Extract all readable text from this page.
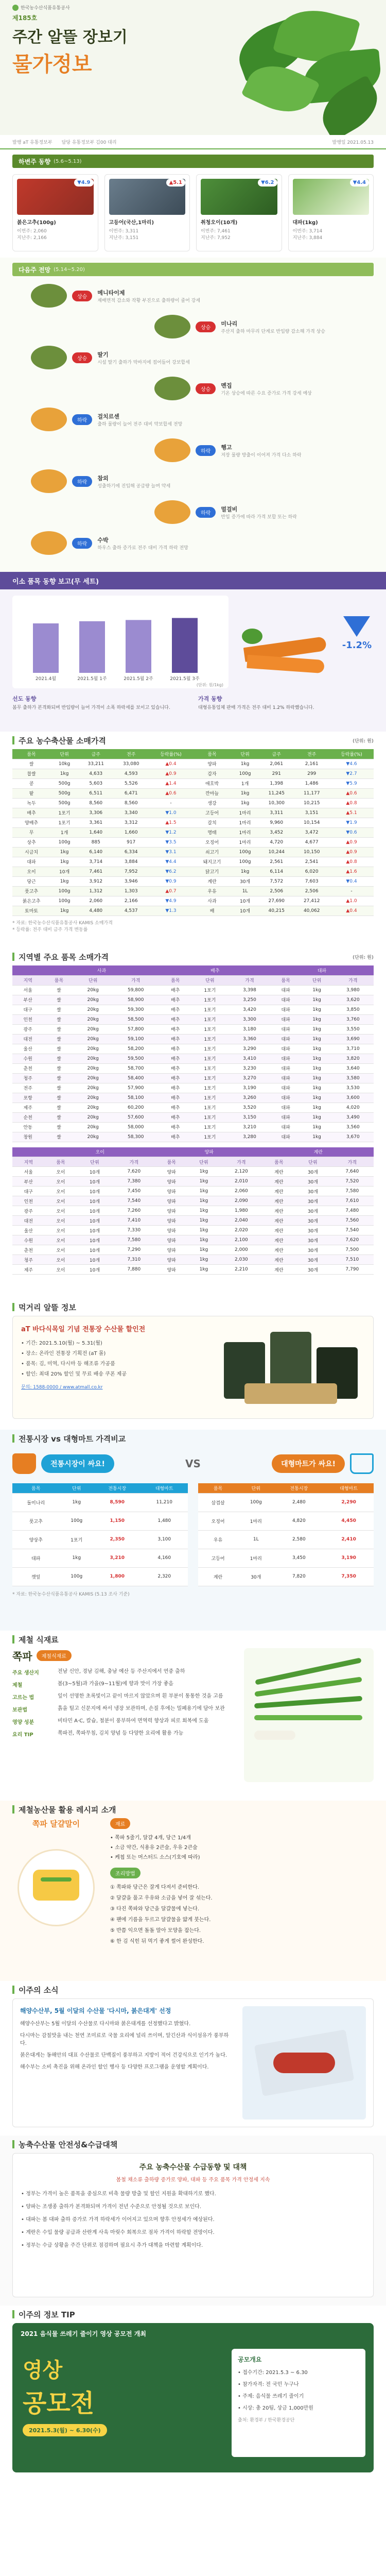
제185호
주간 알뜰 장보기
물가정보
한국농수산식품유통공사
발행 aT 유통정보부 담당 유통정보부 김00 대리	발행일 2021.05.13
하변주 동향 (5.6~5.13)
붉은고추(100g)
이번주: 2,060
지난주: 2,166
▼4.9
고등어(국산,1마리)
이번주: 3,311
지난주: 3,151
▲5.1
취청오이(10개)
이번주: 7,461
지난주: 7,952
▼6.2
대파(1kg)
이번주: 3,714
지난주: 3,884
▼4.4
다음주 전망 (5.14~5.20)
상승
메니타이제
재배면적 감소와 작황 부진으로 출하량이 줄어 강세
상승
미나리
주산지 출하 마무리 단계로 반입량 감소해 가격 상승
상승
딸기
시설 딸기 출하가 막바지에 접어들어 강보합세
상승
멘집
기온 상승에 따른 수요 증가로 가격 강세 예상
하락
걸치르센
출하 물량이 늘어 전주 대비 약보합세 전망
하락
행고
저장 물량 방출이 이어져 가격 다소 하락
하락
참외
성출하기에 진입해 공급량 늘며 약세
하락
멀걸비
반입 증가에 따라 가격 보합 또는 하락
하락
수박
하우스 출하 증가로 전주 대비 가격 하락 전망
이소 품목 동향 보고(무 세트)
2021.4월	2021.5월 1주	2021.5월 2주	2021.5월 3주
(단위: 원/1kg)
-1.2%
선도 동향
봄무 출하가 본격화되며 반입량이 늘어 가격이 소폭 하락세를 보이고 있습니다.
가격 동향
대형유통업체 판매 가격은 전주 대비 1.2% 하락했습니다.
주요 농수축산물 소매가격	(단위: 원)
품목	단위	금주	전주	등락률(%)	품목	단위	금주	전주	등락률(%)
쌀	10kg	33,211	33,080	▲0.4	양파	1kg	2,061	2,161	▼4.6
찹쌀	1kg	4,633	4,593	▲0.9	감자	100g	291	299	▼2.7
콩	500g	5,603	5,526	▲1.4	애호박	1개	1,398	1,486	▼5.9
팥	500g	6,511	6,471	▲0.6	깐마늘	1kg	11,245	11,177	▲0.6
녹두	500g	8,560	8,560	-	생강	1kg	10,300	10,215	▲0.8
배추	1포기	3,306	3,340	▼1.0	고등어	1마리	3,311	3,151	▲5.1
양배추	1포기	3,361	3,312	▲1.5	갈치	1마리	9,960	10,154	▼1.9
무	1개	1,640	1,660	▼1.2	명태	1마리	3,452	3,472	▼0.6
상추	100g	885	917	▼3.5	오징어	1마리	4,720	4,677	▲0.9
시금치	1kg	6,140	6,334	▼3.1	쇠고기	100g	10,244	10,150	▲0.9
대파	1kg	3,714	3,884	▼4.4	돼지고기	100g	2,561	2,541	▲0.8
오이	10개	7,461	7,952	▼6.2	닭고기	1kg	6,114	6,020	▲1.6
당근	1kg	3,912	3,946	▼0.9	계란	30개	7,572	7,603	▼0.4
풋고추	100g	1,312	1,303	▲0.7	우유	1L	2,506	2,506	-
붉은고추	100g	2,060	2,166	▼4.9	사과	10개	27,690	27,412	▲1.0
토마토	1kg	4,480	4,537	▼1.3	배	10개	40,215	40,062	▲0.4
* 자료: 한국농수산식품유통공사 KAMIS 소매가격
* 등락률: 전주 대비 금주 가격 변동률
지역별 주요 품목 소매가격	(단위: 원)
	사과			배추			대파		
지역	품목	단위	가격	품목	단위	가격	품목	단위	가격
서울	쌀	20kg	59,800	배추	1포기	3,398	대파	1kg	3,980
부산	쌀	20kg	58,900	배추	1포기	3,250	대파	1kg	3,620
대구	쌀	20kg	59,300	배추	1포기	3,420	대파	1kg	3,850
인천	쌀	20kg	58,500	배추	1포기	3,300	대파	1kg	3,760
광주	쌀	20kg	57,800	배추	1포기	3,180	대파	1kg	3,550
대전	쌀	20kg	59,100	배추	1포기	3,360	대파	1kg	3,690
울산	쌀	20kg	58,200	배추	1포기	3,290	대파	1kg	3,710
수원	쌀	20kg	59,500	배추	1포기	3,410	대파	1kg	3,820
춘천	쌀	20kg	58,700	배추	1포기	3,230	대파	1kg	3,640
청주	쌀	20kg	58,400	배추	1포기	3,270	대파	1kg	3,580
전주	쌀	20kg	57,900	배추	1포기	3,190	대파	1kg	3,530
포항	쌀	20kg	58,100	배추	1포기	3,260	대파	1kg	3,600
제주	쌀	20kg	60,200	배추	1포기	3,520	대파	1kg	4,020
순천	쌀	20kg	57,600	배추	1포기	3,150	대파	1kg	3,490
안동	쌀	20kg	58,000	배추	1포기	3,210	대파	1kg	3,560
창원	쌀	20kg	58,300	배추	1포기	3,280	대파	1kg	3,670
	오이			양파			계란		
지역	품목	단위	가격	품목	단위	가격	품목	단위	가격
서울	오이	10개	7,620	양파	1kg	2,120	계란	30개	7,640
부산	오이	10개	7,380	양파	1kg	2,010	계란	30개	7,520
대구	오이	10개	7,450	양파	1kg	2,060	계란	30개	7,580
인천	오이	10개	7,540	양파	1kg	2,090	계란	30개	7,610
광주	오이	10개	7,260	양파	1kg	1,980	계란	30개	7,480
대전	오이	10개	7,410	양파	1kg	2,040	계란	30개	7,560
울산	오이	10개	7,330	양파	1kg	2,020	계란	30개	7,540
수원	오이	10개	7,580	양파	1kg	2,100	계란	30개	7,620
춘천	오이	10개	7,290	양파	1kg	2,000	계란	30개	7,500
청주	오이	10개	7,310	양파	1kg	2,030	계란	30개	7,510
제주	오이	10개	7,880	양파	1kg	2,210	계란	30개	7,790
먹거리 알뜰 정보
aT 바다식목일 기념 전통장 수산물 할인전
• 기간: 2021.5.10(월) ~ 5.31(월)
• 장소: 온라인 전통장 기획전 (aT 몰)
• 품목: 김, 미역, 다시마 등 해조류 가공품
• 할인: 최대 20% 할인 및 무료 배송 쿠폰 제공
문의: 1588-0000 / www.atmall.co.kr
전통시장 vs 대형마트 가격비교
전통시장이 싸요!	VS	대형마트가 싸요!
품목	단위	전통시장	대형마트
돌미나리	1kg	8,590	11,210
풋고추	100g	1,150	1,480
양상추	1포기	2,350	3,100
대파	1kg	3,210	4,160
깻잎	100g	1,800	2,320
품목	단위	전통시장	대형마트
삼겹살	100g	2,480	2,290
오징어	1마리	4,820	4,450
우유	1L	2,580	2,410
고등어	1마리	3,450	3,190
계란	30개	7,820	7,350
* 자료: 한국농수산식품유통공사 KAMIS (5.13 조사 기준)
제철 식재료
쪽파	제철식재료
주요 생산지	전남 신안, 경남 김해, 충남 예산 등 주산지에서 연중 출하
제철	봄(3~5월)과 가을(9~11월)에 향과 맛이 가장 좋음
고르는 법	잎이 선명한 초록빛이고 끝이 마르지 않았으며 흰 부분이 통통한 것을 고름
보관법	흙을 털고 신문지에 싸서 냉장 보관하며, 손질 후에는 밀폐용기에 담아 보관
영양 성분	비타민 A·C, 칼슘, 철분이 풍부하여 면역력 향상과 피로 회복에 도움
요리 TIP	쪽파전, 쪽파무침, 김치 양념 등 다양한 요리에 활용 가능
제철농산물 활용 레시피 소개
쪽파 달걀말이	재료
• 쪽파 5줄기, 달걀 4개, 당근 1/4개
• 소금 약간, 식용유 2큰술, 우유 2큰술
• 케첩 또는 머스터드 소스(기호에 따라)
조리방법
① 쪽파와 당근은 잘게 다져서 준비한다.
② 달걀을 풀고 우유와 소금을 넣어 잘 섞는다.
③ 다진 쪽파와 당근을 달걀물에 넣는다.
④ 팬에 기름을 두르고 달걀물을 얇게 붓는다.
⑤ 반쯤 익으면 돌돌 말아 모양을 잡는다.
⑥ 한 김 식힌 뒤 먹기 좋게 썰어 완성한다.
이주의 소식
해양수산부, 5월 이달의 수산물 '다시마, 붉은대게' 선정

해양수산부는 5월 이달의 수산물로 다시마와 붉은대게를 선정했다고 밝혔다.

다시마는 감칠맛을 내는 천연 조미료로 국물 요리에 널리 쓰이며, 알긴산과 식이섬유가 풍부하다.

붉은대게는 동해안의 대표 수산물로 단백질이 풍부하고 지방이 적어 건강식으로 인기가 높다.

해수부는 소비 촉진을 위해 온라인 할인 행사 등 다양한 프로그램을 운영할 계획이다.

농축수산물 안전성&수급대책
주요 농축수산물 수급동향 및 대책
봄철 채소류 출하량 증가로 양파, 대파 등 주요 품목 가격 안정세 지속
• 정부는 가격이 높은 품목을 중심으로 비축 물량 방출 및 할인 지원을 확대하기로 했다.
• 양파는 조생종 출하가 본격화되며 가격이 전년 수준으로 안정될 것으로 보인다.
• 대파는 봄 대파 출하 증가로 가격 하락세가 이어지고 있으며 향후 안정세가 예상된다.
• 계란은 수입 물량 공급과 산란계 사육 마릿수 회복으로 점차 가격이 하락할 전망이다.
• 정부는 수급 상황을 주간 단위로 점검하며 필요시 추가 대책을 마련할 계획이다.
이주의 정보 TIP
2021 음식물 쓰레기 줄이기 영상 공모전 개최
영상
공모전
2021.5.3(월) ~ 6.30(수)
공모개요
• 접수기간: 2021.5.3 ~ 6.30
• 참가자격: 전 국민 누구나
• 주제: 음식물 쓰레기 줄이기
• 시상: 총 20팀, 상금 1,000만원
출처: 환경부 / 한국환경공단
